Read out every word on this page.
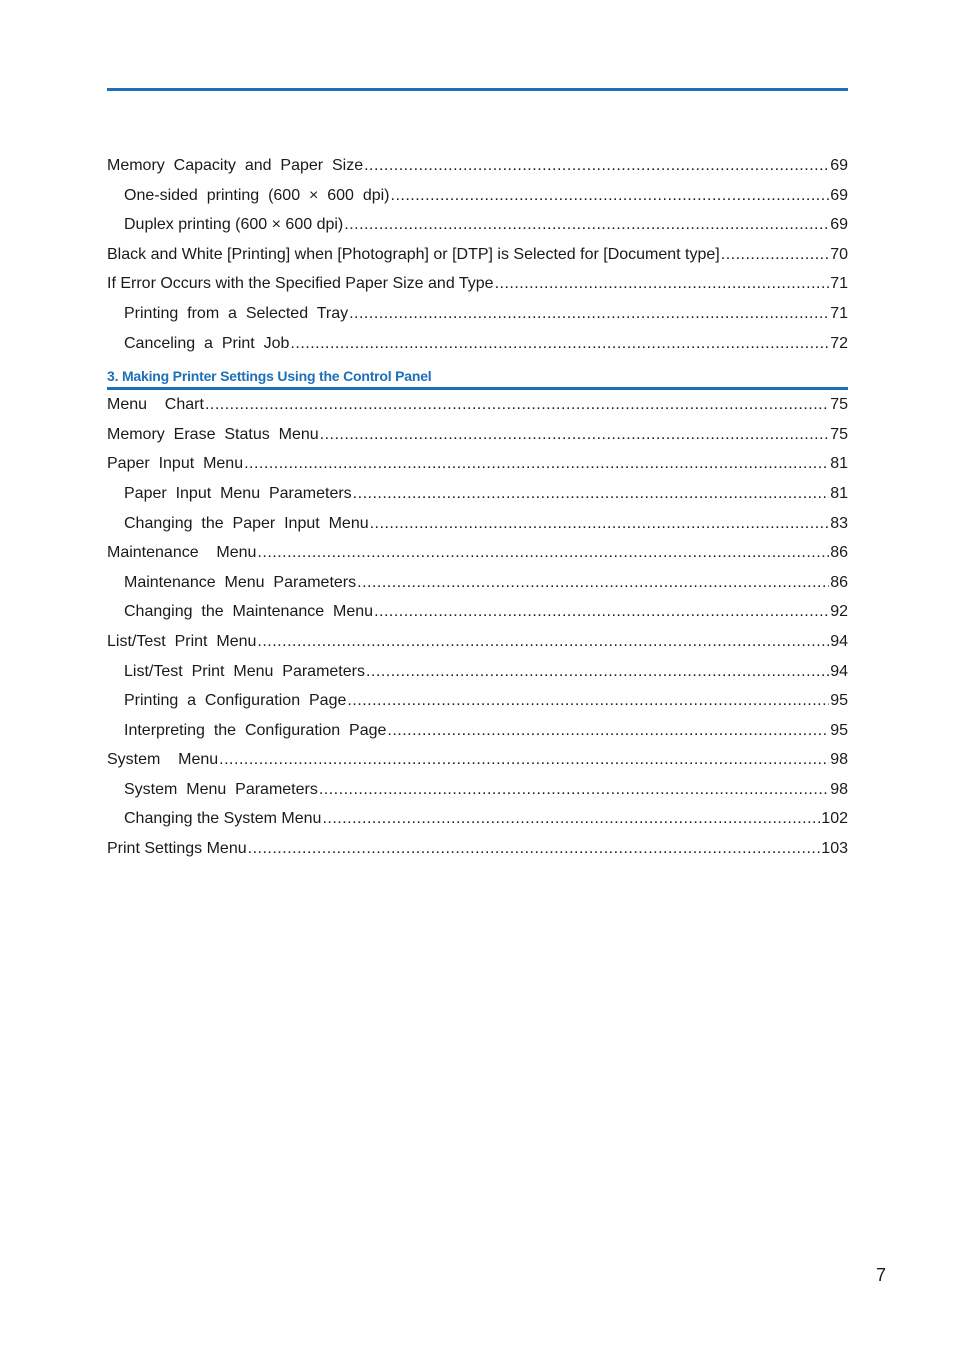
Memory  Capacity  and  Paper  Size .....	69
One-sided  printing  (600  ×  600  dpi) .....	69
Duplex printing (600 × 600 dpi) .....	69
Black and White [Printing] when [Photograph] or [DTP] is Selected for [Document type] .....	70
If Error Occurs with the Specified Paper Size and Type .....	71
Printing  from  a  Selected  Tray .....	71
Canceling  a  Print  Job .....	72
3. Making Printer Settings Using the Control Panel
Menu    Chart .....	75
Memory  Erase  Status  Menu .....	75
Paper  Input  Menu .....	81
Paper  Input  Menu  Parameters .....	81
Changing  the  Paper  Input  Menu .....	83
Maintenance    Menu .....	86
Maintenance  Menu  Parameters .....	86
Changing  the  Maintenance  Menu .....	92
List/Test  Print  Menu .....	94
List/Test  Print  Menu  Parameters .....	94
Printing  a  Configuration  Page .....	95
Interpreting  the  Configuration  Page .....	95
System    Menu .....	98
System  Menu  Parameters .....	98
Changing the System Menu .....	102
Print Settings Menu .....	103
7
